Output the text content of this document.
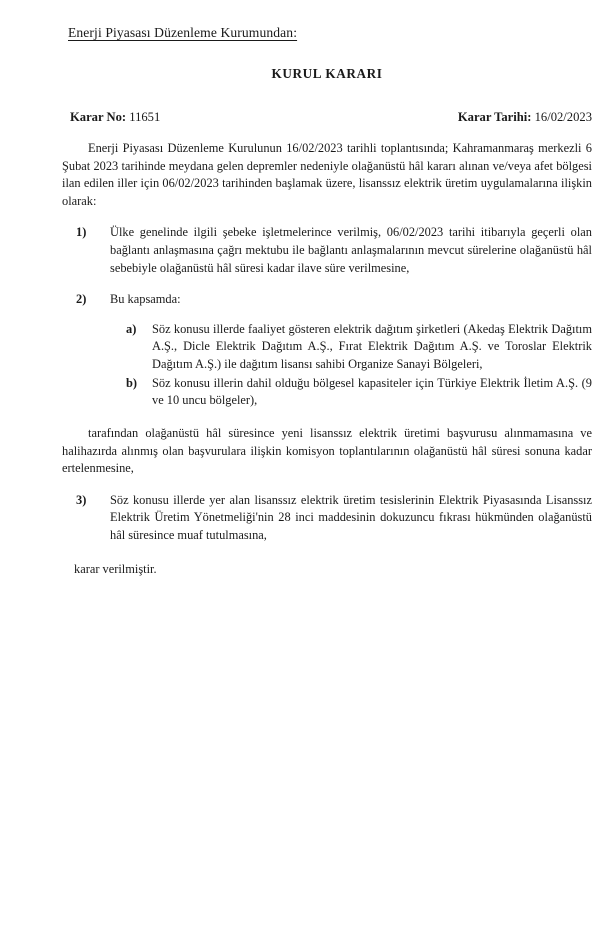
Enerji Piyasası Düzenleme Kurumundan:
KURUL KARARI
Karar No: 11651	Karar Tarihi: 16/02/2023

Enerji Piyasası Düzenleme Kurulunun 16/02/2023 tarihli toplantısında; Kahramanmaraş merkezli 6 Şubat 2023 tarihinde meydana gelen depremler nedeniyle olağanüstü hâl kararı alınan ve/veya afet bölgesi ilan edilen iller için 06/02/2023 tarihinden başlamak üzere, lisanssız elektrik üretim uygulamalarına ilişkin olarak:

1)	Ülke genelinde ilgili şebeke işletmelerince verilmiş, 06/02/2023 tarihi itibarıyla geçerli olan bağlantı anlaşmasına çağrı mektubu ile bağlantı anlaşmalarının mevcut sürelerine olağanüstü hâl sebebiyle olağanüstü hâl süresi kadar ilave süre verilmesine,
2)	Bu kapsamda:
a)	Söz konusu illerde faaliyet gösteren elektrik dağıtım şirketleri (Akedaş Elektrik Dağıtım A.Ş., Dicle Elektrik Dağıtım A.Ş., Fırat Elektrik Dağıtım A.Ş. ve Toroslar Elektrik Dağıtım A.Ş.) ile dağıtım lisansı sahibi Organize Sanayi Bölgeleri,
b)	Söz konusu illerin dahil olduğu bölgesel kapasiteler için Türkiye Elektrik İletim A.Ş. (9 ve 10 uncu bölgeler),

tarafından olağanüstü hâl süresince yeni lisanssız elektrik üretimi başvurusu alınmamasına ve halihazırda alınmış olan başvurulara ilişkin komisyon toplantılarının olağanüstü hâl süresi sonuna kadar ertelenmesine,

3)	Söz konusu illerde yer alan lisanssız elektrik üretim tesislerinin Elektrik Piyasasında Lisanssız Elektrik Üretim Yönetmeliği'nin 28 inci maddesinin dokuzuncu fıkrası hükmünden olağanüstü hâl süresince muaf tutulmasına,
karar verilmiştir.
